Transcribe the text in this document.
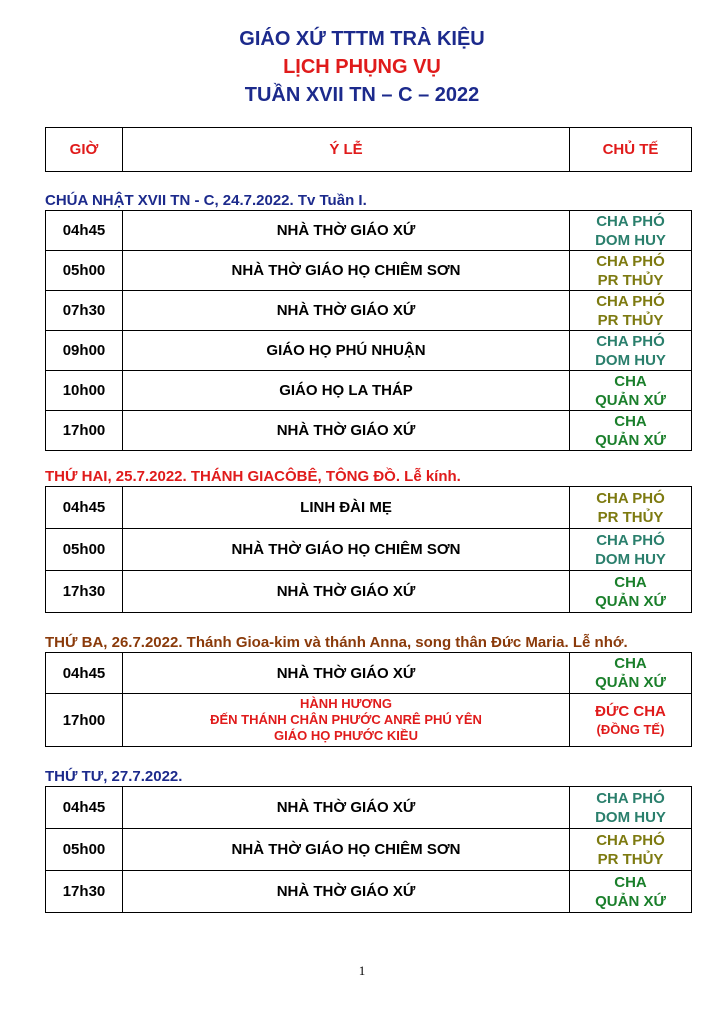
GIÁO XỨ TTTM TRÀ KIỆU
LỊCH PHỤNG VỤ
TUẦN XVII TN – C – 2022
GIỜ	Ý LỄ	CHỦ TẾ
CHÚA NHẬT XVII TN - C, 24.7.2022. Tv Tuần I.
04h45	NHÀ THỜ GIÁO XỨ	CHA PHÓ
DOM HUY

05h00	NHÀ THỜ GIÁO HỌ CHIÊM SƠN	CHA PHÓ
PR THỦY

07h30	NHÀ THỜ GIÁO XỨ	CHA PHÓ
PR THỦY

09h00	GIÁO HỌ PHÚ NHUẬN	CHA PHÓ
DOM HUY

10h00	GIÁO HỌ LA THÁP	CHA
QUẢN XỨ

17h00	NHÀ THỜ GIÁO XỨ	CHA
QUẢN XỨ
THỨ HAI, 25.7.2022. THÁNH GIACÔBÊ, TÔNG ĐỒ. Lễ kính.
04h45	LINH ĐÀI MẸ	CHA PHÓ
PR THỦY

05h00	NHÀ THỜ GIÁO HỌ CHIÊM SƠN	CHA PHÓ
DOM HUY

17h30	NHÀ THỜ GIÁO XỨ	CHA
QUẢN XỨ
THỨ BA, 26.7.2022. Thánh Gioa-kim và thánh Anna, song thân Đức Maria. Lễ nhớ.
04h45	NHÀ THỜ GIÁO XỨ	CHA
QUẢN XỨ

17h00	HÀNH HƯƠNG
ĐẾN THÁNH CHÂN PHƯỚC ANRÊ PHÚ YÊN
GIÁO HỌ PHƯỚC KIỀU	ĐỨC CHA
(ĐỒNG TẾ)
THỨ TƯ, 27.7.2022.
04h45	NHÀ THỜ GIÁO XỨ	CHA PHÓ
DOM HUY

05h00	NHÀ THỜ GIÁO HỌ CHIÊM SƠN	CHA PHÓ
PR THỦY

17h30	NHÀ THỜ GIÁO XỨ	CHA
QUẢN XỨ
1
